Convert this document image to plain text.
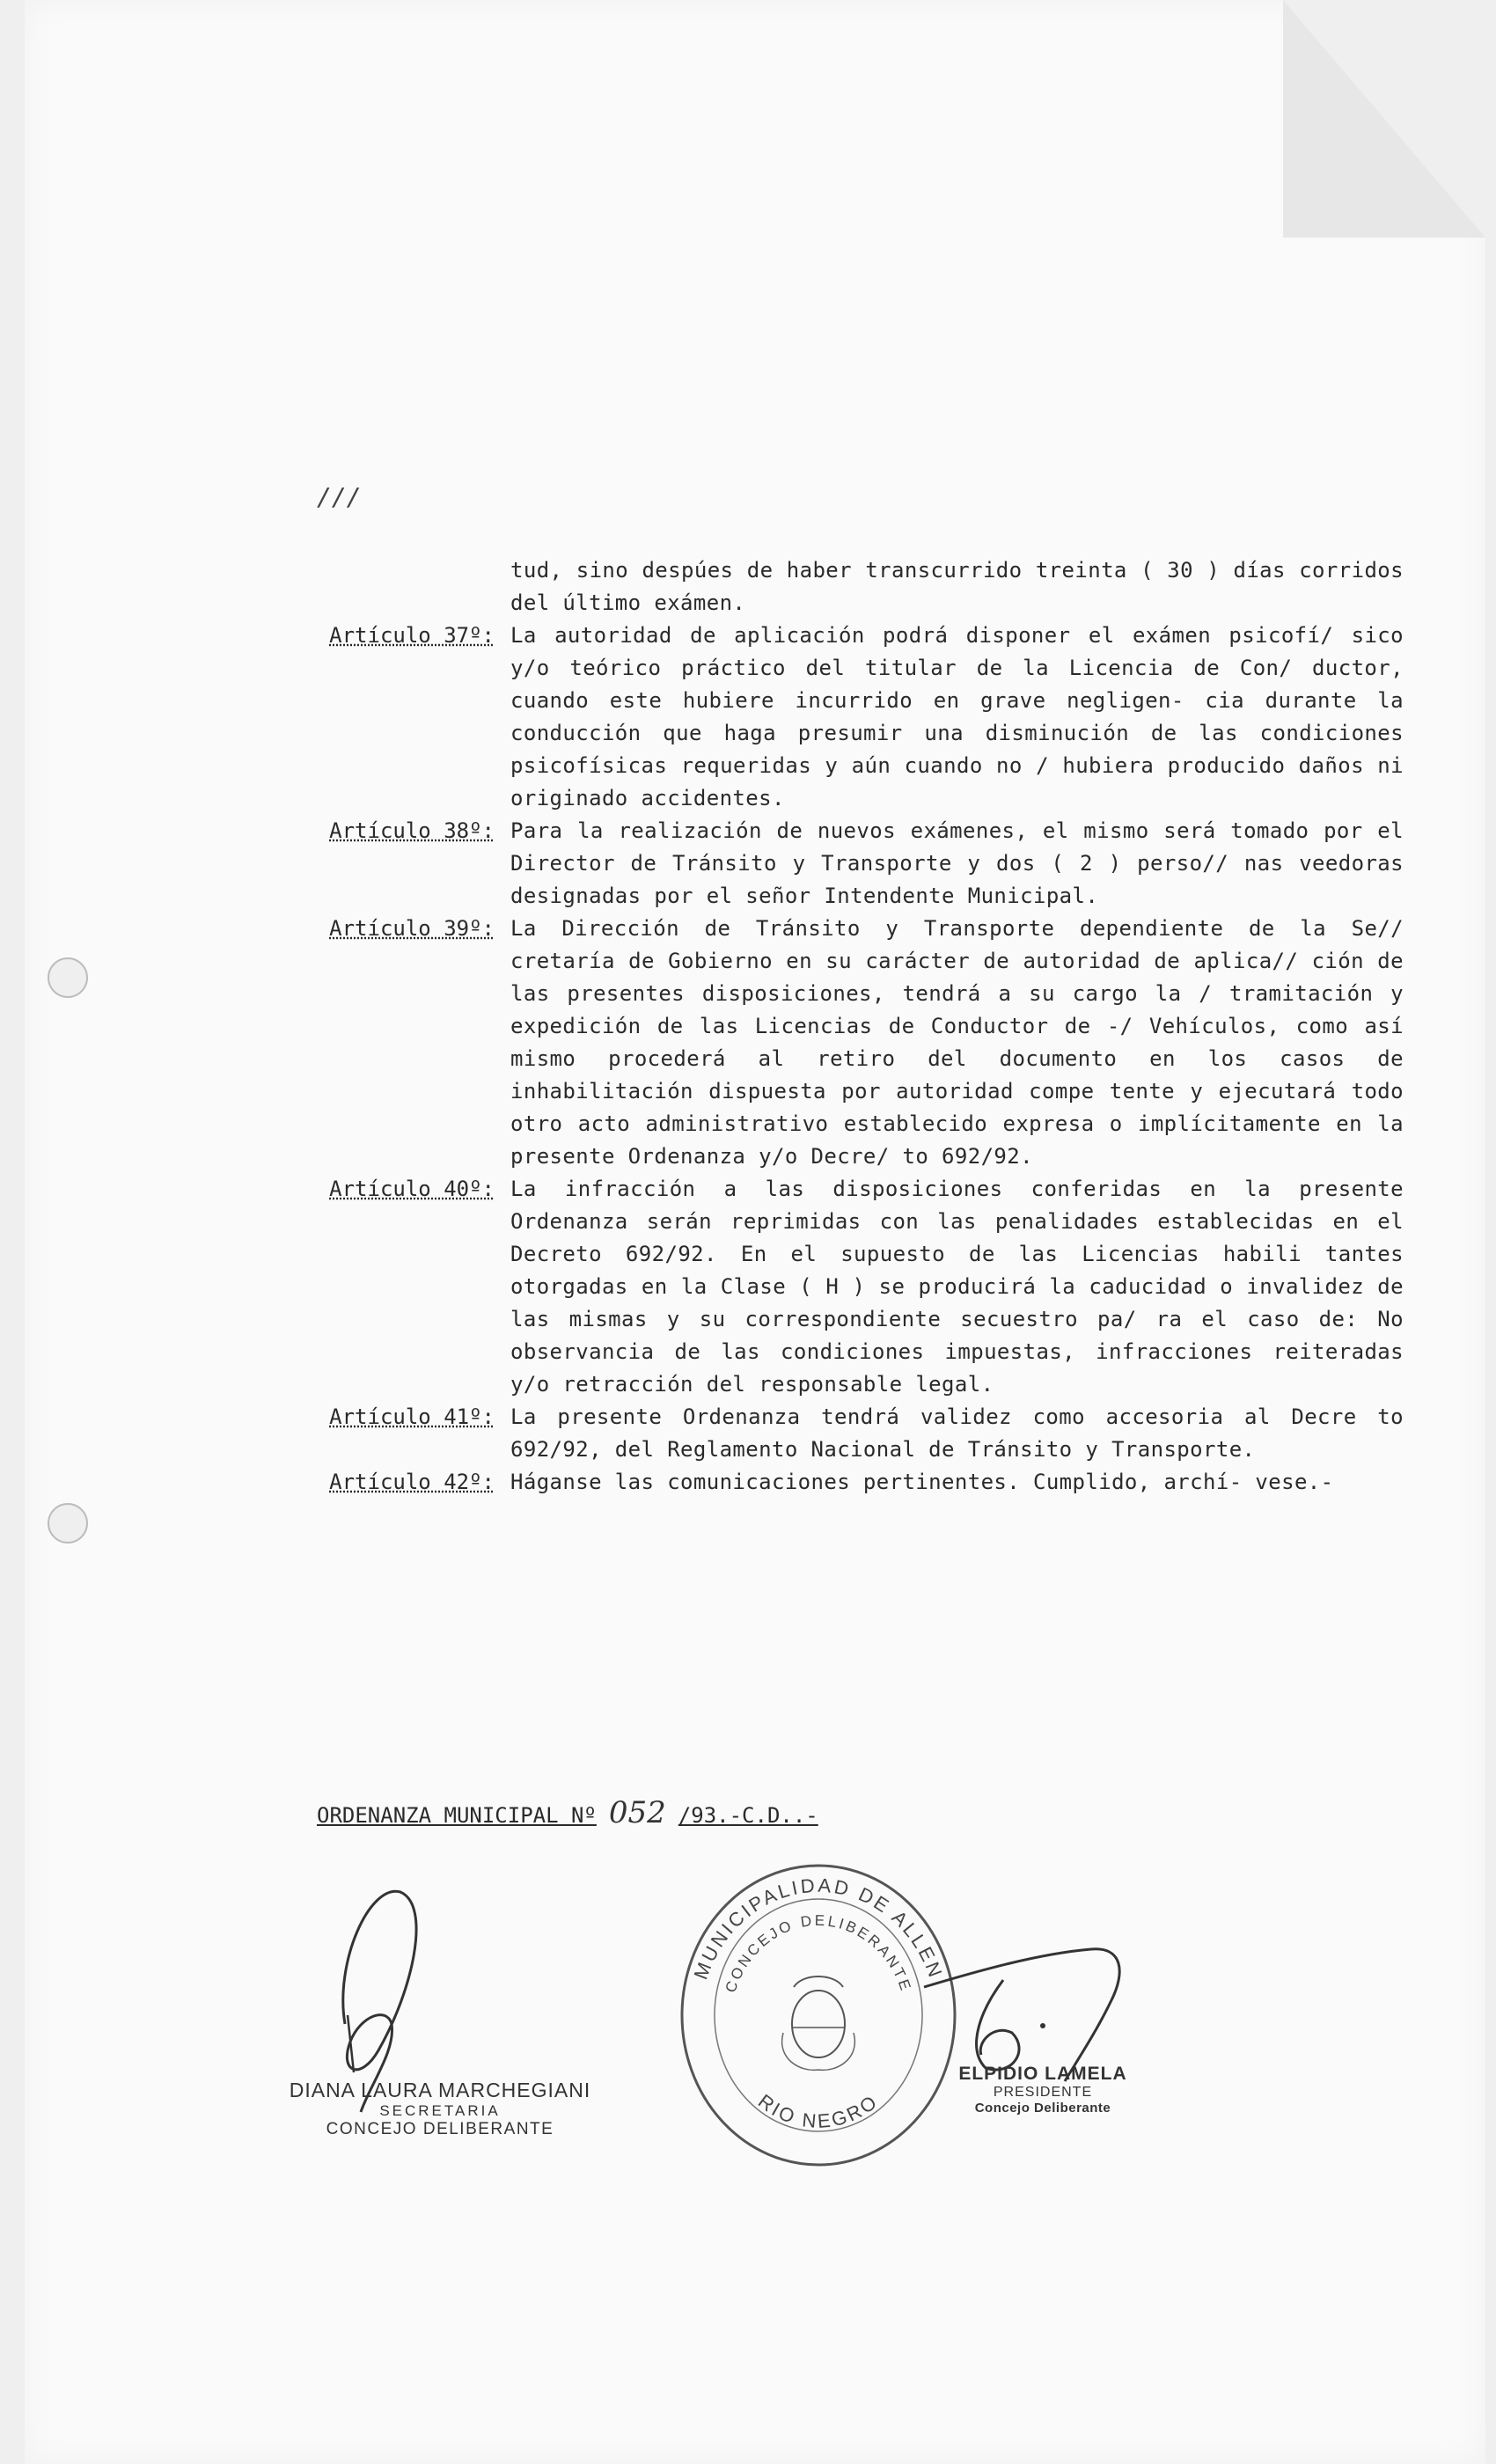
///
tud, sino despúes de haber transcurrido treinta ( 30 ) días corridos del último exámen.
Artículo 37º: La autoridad de aplicación podrá disponer el exámen psicofí/ sico y/o teórico práctico del titular de la Licencia de Con/ ductor, cuando este hubiere incurrido en grave negligen- cia durante la conducción que haga presumir una disminución de las condiciones psicofísicas requeridas y aún cuando no / hubiera producido daños ni originado accidentes.
Artículo 38º: Para la realización de nuevos exámenes, el mismo será tomado por el Director de Tránsito y Transporte y dos ( 2 ) perso// nas veedoras designadas por el señor Intendente Municipal.
Artículo 39º: La Dirección de Tránsito y Transporte dependiente de la Se// cretaría de Gobierno en su carácter de autoridad de aplica// ción de las presentes disposiciones, tendrá a su cargo la / tramitación y expedición de las Licencias de Conductor de -/ Vehículos, como así mismo procederá al retiro del documento en los casos de inhabilitación dispuesta por autoridad compe tente y ejecutará todo otro acto administrativo establecido expresa o implícitamente en la presente Ordenanza y/o Decre/ to 692/92.
Artículo 40º: La infracción a las disposiciones conferidas en la presente Ordenanza serán reprimidas con las penalidades establecidas en el Decreto 692/92. En el supuesto de las Licencias habili tantes otorgadas en la Clase ( H ) se producirá la caducidad o invalidez de las mismas y su correspondiente secuestro pa/ ra el caso de: No observancia de las condiciones impuestas, infracciones reiteradas y/o retracción del responsable legal.
Artículo 41º: La presente Ordenanza tendrá validez como accesoria al Decre to 692/92, del Reglamento Nacional de Tránsito y Transporte.
Artículo 42º: Háganse las comunicaciones pertinentes. Cumplido, archí- vese.-
ORDENANZA MUNICIPAL Nº 052 /93.-C.D..-
MUNICIPALIDAD DE ALLEN
CONCEJO DELIBERANTE
RIO NEGRO
DIANA LAURA MARCHEGIANI
SECRETARIA
CONCEJO DELIBERANTE
ELPIDIO LAMELA
PRESIDENTE
Concejo Deliberante
